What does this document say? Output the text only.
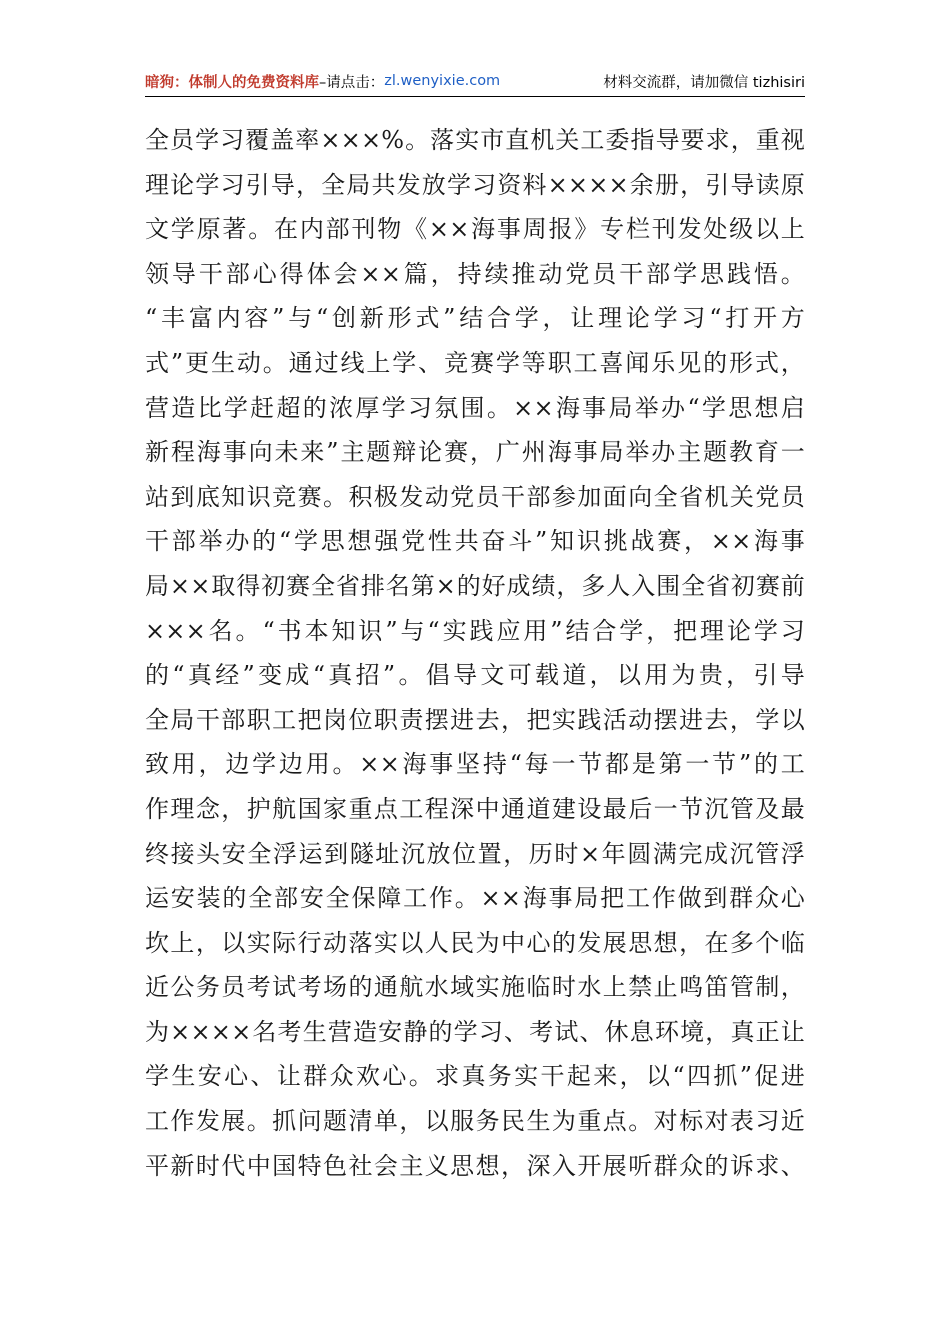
暗狗：体制人的免费资料库 –请点击： zl.wenyixie.com	材料交流群，请加微信 tizhisiri
全员学习覆盖率×××%。落实市直机关工委指导要求，重视
理论学习引导，全局共发放学习资料××××余册，引导读原
文学原著。在内部刊物《××海事周报》专栏刊发处级以上
领导干部心得体会××篇，持续推动党员干部学思践悟。
“丰富内容”与“创新形式”结合学，让理论学习“打开方
式”更生动。通过线上学、竞赛学等职工喜闻乐见的形式，
营造比学赶超的浓厚学习氛围。××海事局举办“学思想启
新程海事向未来”主题辩论赛，广州海事局举办主题教育一
站到底知识竞赛。积极发动党员干部参加面向全省机关党员
干部举办的“学思想强党性共奋斗”知识挑战赛，××海事
局××取得初赛全省排名第×的好成绩，多人入围全省初赛前
×××名。“书本知识”与“实践应用”结合学，把理论学习
的“真经”变成“真招”。倡导文可载道，以用为贵，引导
全局干部职工把岗位职责摆进去，把实践活动摆进去，学以
致用，边学边用。××海事坚持“每一节都是第一节”的工
作理念，护航国家重点工程深中通道建设最后一节沉管及最
终接头安全浮运到隧址沉放位置，历时×年圆满完成沉管浮
运安装的全部安全保障工作。××海事局把工作做到群众心
坎上，以实际行动落实以人民为中心的发展思想，在多个临
近公务员考试考场的通航水域实施临时水上禁止鸣笛管制，
为××××名考生营造安静的学习、考试、休息环境，真正让
学生安心、让群众欢心。求真务实干起来，以“四抓”促进
工作发展。抓问题清单，以服务民生为重点。对标对表习近
平新时代中国特色社会主义思想，深入开展听群众的诉求、
